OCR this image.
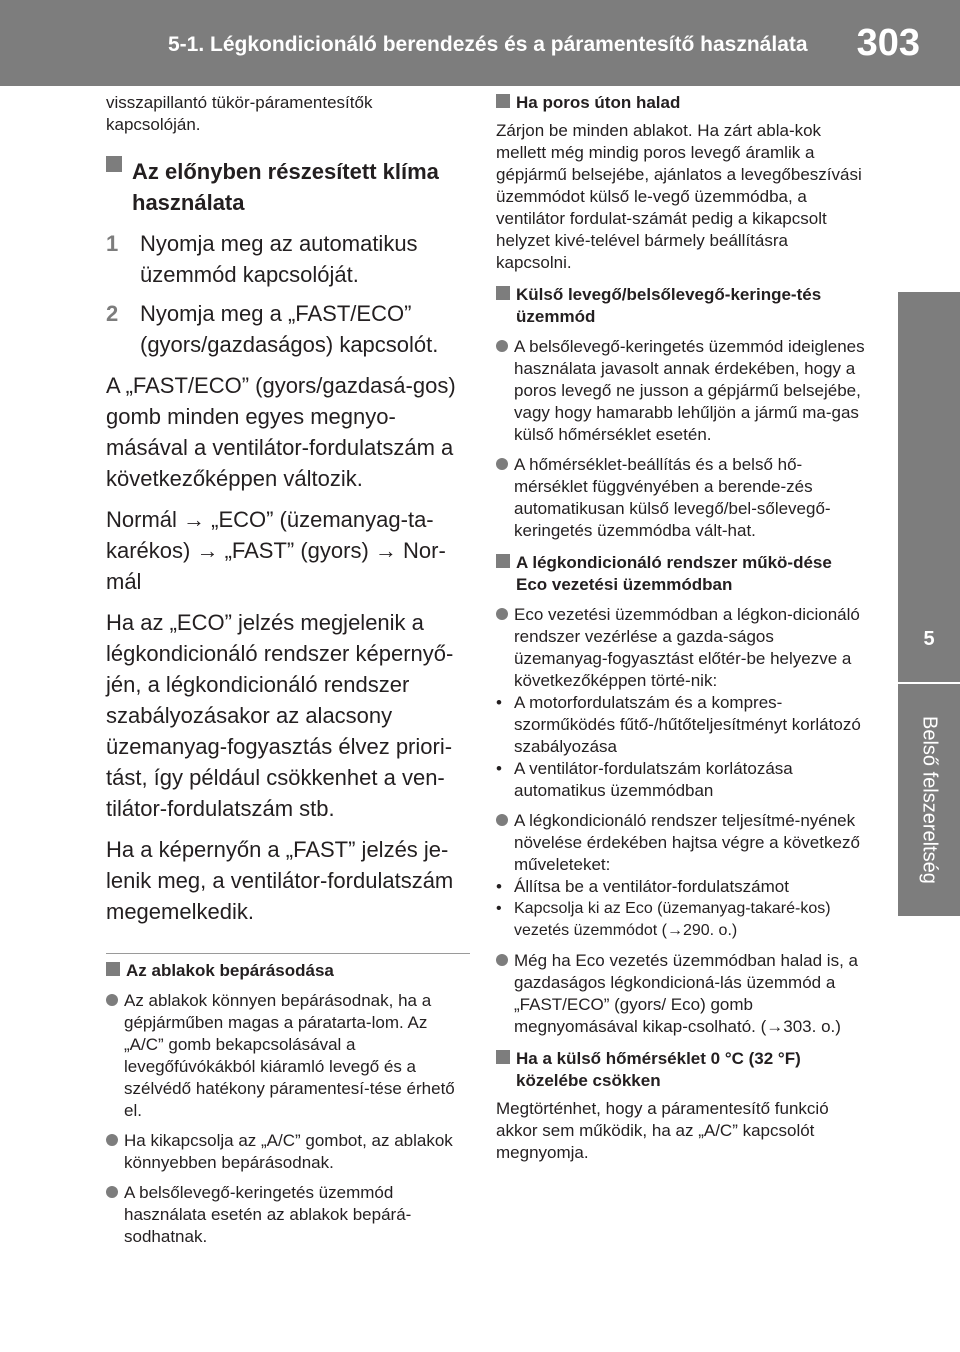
5-1. Légkondicionáló berendezés és a páramentesítő használata	303
5
Belső felszereltség

visszapillantó tükör-páramentesítők kapcsolóján.

Az előnyben részesített klíma használata
1 Nyomja meg az automatikus üzemmód kapcsolóját.
2 Nyomja meg a „FAST/ECO” (gyors/gazdaságos) kapcsolót.

A „FAST/ECO” (gyors/gazdasá-gos) gomb minden egyes megnyo-másával a ventilátor-fordulatszám a következőképpen változik.

Normál → „ECO” (üzemanyag-ta-karékos) → „FAST” (gyors) → Nor-mál

Ha az „ECO” jelzés megjelenik a légkondicionáló rendszer képernyő-jén, a légkondicionáló rendszer szabályozásakor az alacsony üzemanyag-fogyasztás élvez priori-tást, így például csökkenhet a ven-tilátor-fordulatszám stb.

Ha a képernyőn a „FAST” jelzés je-lenik meg, a ventilátor-fordulatszám megemelkedik.

Az ablakok bepárásodása
Az ablakok könnyen bepárásodnak, ha a gépjárműben magas a páratarta-lom. Az „A/C” gomb bekapcsolásával a levegőfúvókákból kiáramló levegő és a szélvédő hatékony páramentesí-tése érhető el.
Ha kikapcsolja az „A/C” gombot, az ablakok könnyebben bepárásodnak.
A belsőlevegő-keringetés üzemmód használata esetén az ablakok bepárá-sodhatnak.
Ha poros úton halad

Zárjon be minden ablakot. Ha zárt abla-kok mellett még mindig poros levegő áramlik a gépjármű belsejébe, ajánlatos a levegőbeszívási üzemmódot külső le-vegő üzemmódba, a ventilátor fordulat-számát pedig a kikapcsolt helyzet kivé-telével bármely beállításra kapcsolni.

Külső levegő/belsőlevegő-keringe-tés üzemmód
A belsőlevegő-keringetés üzemmód ideiglenes használata javasolt annak érdekében, hogy a poros levegő ne jusson a gépjármű belsejébe, vagy hogy hamarabb lehűljön a jármű ma-gas külső hőmérséklet esetén.
A hőmérséklet-beállítás és a belső hő-mérséklet függvényében a berende-zés automatikusan külső levegő/bel-sőlevegő-keringetés üzemmódba vált-hat.
A légkondicionáló rendszer műkö-dése Eco vezetési üzemmódban
Eco vezetési üzemmódban a légkon-dicionáló rendszer vezérlése a gazda-ságos üzemanyag-fogyasztást előtér-be helyezve a következőképpen törté-nik:
• A motorfordulatszám és a kompres-szorműködés fűtő-/hűtőteljesítményt korlátozó szabályozása
• A ventilátor-fordulatszám korlátozása automatikus üzemmódban
A légkondicionáló rendszer teljesítmé-nyének növelése érdekében hajtsa végre a következő műveleteket:
• Állítsa be a ventilátor-fordulatszámot
• Kapcsolja ki az Eco (üzemanyag-takaré-kos) vezetés üzemmódot (→290. o.)
Még ha Eco vezetés üzemmódban halad is, a gazdaságos légkondicioná-lás üzemmód a „FAST/ECO” (gyors/ Eco) gomb megnyomásával kikap-csolható. (→303. o.)
Ha a külső hőmérséklet 0 °C (32 °F) közelébe csökken

Megtörténhet, hogy a páramentesítő funkció akkor sem működik, ha az „A/C” kapcsolót megnyomja.
